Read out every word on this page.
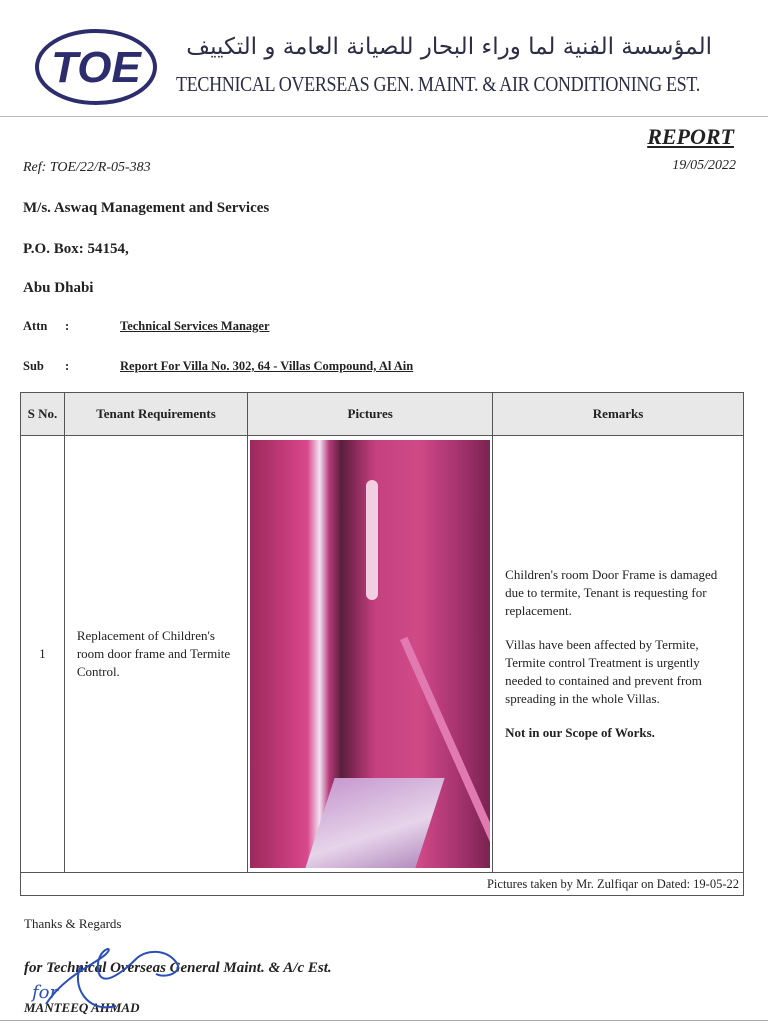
TOE	المؤسسة الفنية لما وراء البحار للصيانة العامة و التكييف
TECHNICAL OVERSEAS GEN. MAINT. & AIR CONDITIONING EST.
REPORT
Ref: TOE/22/R-05-383	19/05/2022
M/s. Aswaq Management and Services
P.O. Box: 54154,
Abu Dhabi
Attn	:	Technical Services Manager
Sub	:	Report For Villa No. 302, 64 - Villas Compound, Al Ain
S No.	Tenant Requirements	Pictures	Remarks
1	Replacement of Children's room door frame and Termite Control.		Children's room Door Frame is damaged due to termite, Tenant is requesting for replacement.

Villas have been affected by Termite, Termite control Treatment is urgently needed to contained and prevent from spreading in the whole Villas.

Not in our Scope of Works.

Pictures taken by Mr. Zulfiqar on Dated: 19-05-22			
Thanks & Regards
for Technical Overseas General Maint. & A/c Est.
MANTEEQ AHMAD
for
